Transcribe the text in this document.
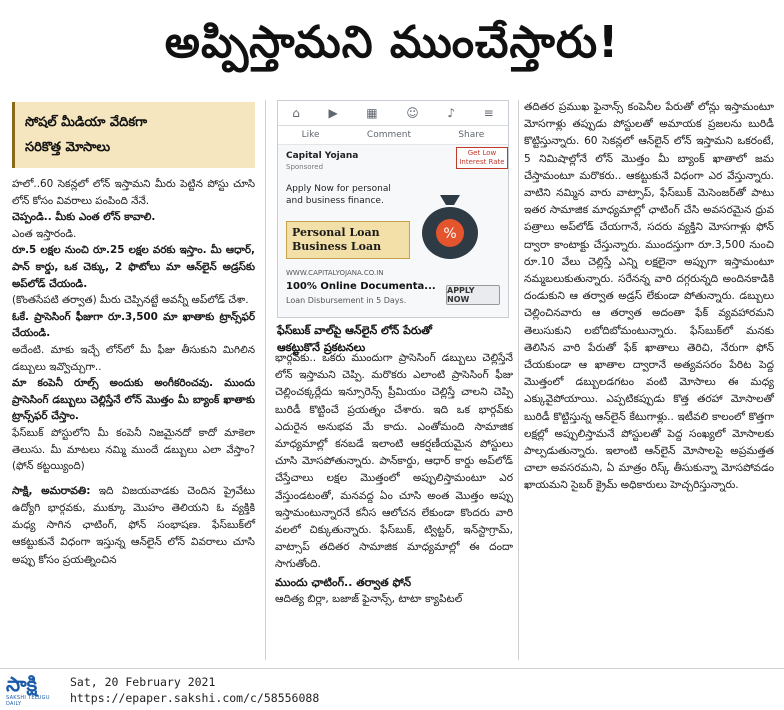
అప్పిస్తామని ముంచేస్తారు!
సోషల్ మీడియా వేదికగా
సరికొత్త మోసాలు

హలో..60 సెకన్లలో లోన్ ఇస్తామని మీరు పెట్టిన పోస్టు చూసి లోన్ కోసం వివరాలు పంపింది నేనే.

చెప్పండి.. మీకు ఎంత లోన్ కావాలి.

ఎంత ఇస్తారండి.

రూ.5 లక్షల నుంచి రూ.25 లక్షల వరకు ఇస్తాం. మీ ఆధార్, పాన్ కార్డు, ఒక చెక్కు, 2 ఫొటోలు మా ఆన్‌లైన్ అడ్రస్‌కు అప్‌లోడ్ చేయండి.

(కొంతసేపటి తర్వాత) మీరు చెప్పినట్టే అవన్నీ అప్‌లోడ్ చేశా.

ఓకే. ప్రాసెసింగ్ ఫీజుగా రూ.3,500 మా ఖాతాకు ట్రాన్స్‌ఫర్ చేయండి.

అదేంటి. మాకు ఇచ్చే లోన్‌లో మీ ఫీజు తీసుకుని మిగిలిన డబ్బులు ఇవ్వొచ్చుగా..

మా కంపెనీ రూల్స్ అందుకు అంగీకరించవు. ముందు ప్రాసెసింగ్ డబ్బులు చెల్లిస్తేనే లోన్ మొత్తం మీ బ్యాంక్ ఖాతాకు ట్రాన్స్‌ఫర్ చేస్తాం.

ఫేస్‌బుక్ పోస్టులోని మీ కంపెనీ నిజమైనదో కాదో మాకెలా తెలుసు. మీ మాటలు నమ్మి ముందే డబ్బులు ఎలా వేస్తాం? (ఫోన్ కట్టయ్యింది)

సాక్షి, అమరావతి: ఇది విజయవాడకు చెందిన ప్రైవేటు ఉద్యోగి భార్గవకు, ముక్కూ మొహం తెలియని ఓ వ్యక్తికి మధ్య సాగిన ఛాటింగ్, ఫోన్ సంభాషణ. ఫేస్‌బుక్‌లో ఆకట్టుకునే విధంగా ఇస్తున్న ఆన్‌లైన్ లోన్ వివరాలు చూసి అప్పు కోసం ప్రయత్నించిన

⌂ ▶ ▦ ☺ ♪ ≡
Like	Comment	Share
Capital Yojana
Sponsored
Apply Now for personal and business finance.
Get Low Interest Rate
Personal Loan
Business Loan
%
WWW.CAPITALYOJANA.CO.IN
100% Online Documenta...
Loan Disbursement in 5 Days.
APPLY NOW
ఫేస్‌బుక్ వాల్‌పై ఆన్‌లైన్ లోన్ పేరుతో
ఆకట్టుకొనే ప్రకటనలు

భార్గవ్‌కు.. ఒకరు ముందుగా ప్రాసెసింగ్ డబ్బులు చెల్లిస్తేనే లోన్ ఇస్తామని చెప్పి. మరొకరు ఎలాంటి ప్రాసెసింగ్ ఫీజు చెల్లించక్కర్లేదు ఇన్సూరెన్స్ ప్రీమియం చెల్లిస్తే చాలని చెప్పి బురిడీ కొట్టించే ప్రయత్నం చేశారు. ఇది ఒక భార్గవ్‌కు ఎదురైన అనుభవ మే కాదు. ఎంతోమంది సామాజిక మాధ్యమాల్లో కనబడే ఇలాంటి ఆకర్షణీయమైన పోస్టులు చూసి మోసపోతున్నారు. పాన్‌కార్డు, ఆధార్ కార్డు అప్‌లోడ్ చేస్తేచాలు లక్షల మొత్తంలో అప్పులిస్తామంటూ ఎర వేస్తుండటంతో, మనవద్ద ఏం చూసి అంత మొత్తం అప్పు ఇస్తామంటున్నారనే కనీస ఆలోచన లేకుండా కొందరు వారి వలలో చిక్కుతున్నారు. ఫేస్‌బుక్, ట్విట్టర్, ఇన్‌స్టాగ్రామ్, వాట్సాప్ తదితర సామాజిక మాధ్యమాల్లో ఈ దందా సాగుతోంది.

ముందు ఛాటింగ్.. తర్వాత ఫోన్

ఆదిత్య బిర్లా, బజాజ్ ఫైనాన్స్, టాటా క్యాపిటల్

తదితర ప్రముఖ ఫైనాన్స్ కంపెనీల పేరుతో లోన్లు ఇస్తామంటూ మోసగాళ్లు తప్పుడు పోస్టులతో అమాయక ప్రజలను బురిడీ కొట్టిస్తున్నారు. 60 సెకన్లలో ఆన్‌లైన్ లోన్ ఇస్తామని ఒకరంటే, 5 నిమిషాల్లోనే లోన్ మొత్తం మీ బ్యాంక్ ఖాతాలో జమ చేస్తామంటూ మరొకరు.. ఆకట్టుకునే విధంగా ఎర వేస్తున్నారు. వాటిని నమ్మిన వారు వాట్సాప్, ఫేస్‌బుక్ మెసెంజర్‌తో పాటు ఇతర సామాజిక మాధ్యమాల్లో ఛాటింగ్ చేసి అవసరమైన ధ్రువ పత్రాలు అప్‌లోడ్ చేయగానే, సదరు వ్యక్తిని మోసగాళ్లు ఫోన్ ద్వారా కాంటాక్టు చేస్తున్నారు. ముందస్తుగా రూ.3,500 నుంచి రూ.10 వేలు చెల్లిస్తే ఎన్ని లక్షలైనా అప్పుగా ఇస్తామంటూ నమ్మబలుకుతున్నారు. సరేనన్న వారి దగ్గరున్నది అందినకాడికి దండుకుని ఆ తర్వాత అడ్రస్ లేకుండా పోతున్నారు. డబ్బులు చెల్లించినవారు ఆ తర్వాత అదంతా ఫేక్ వ్యవహారమని తెలుసుకుని లబోదిబోమంటున్నారు. ఫేస్‌బుక్‌లో మనకు తెలిసిన వారి పేరుతో ఫేక్ ఖాతాలు తెరిచి, నేరుగా ఫోన్ చేయకుండా ఆ ఖాతాల ద్వారానే అత్యవసరం పేరిట పెద్ద మొత్తంలో డబ్బులడగటం వంటి మోసాలు ఈ మధ్య ఎక్కువైపోయాయి. ఎప్పటికప్పుడు కొత్త తరహా మోసాలతో బురిడీ కొట్టిస్తున్న ఆన్‌లైన్ కేటుగాళ్లు.. ఇటీవలి కాలంలో కొత్తగా లక్షల్లో అప్పులిస్తామనే పోస్టులతో పెద్ద సంఖ్యలో మోసాలకు పాల్పడుతున్నారు. ఇలాంటి ఆన్‌లైన్ మోసాలపై అప్రమత్తత చాలా అవసరమని, ఏ మాత్రం రిస్క్ తీసుకున్నా మోసపోవడం ఖాయమని సైబర్ క్రైమ్ అధికారులు హెచ్చరిస్తున్నారు.

సాక్షి
SAKSHI TELUGU DAILY
Sat, 20 February 2021
https://epaper.sakshi.com/c/58556088
